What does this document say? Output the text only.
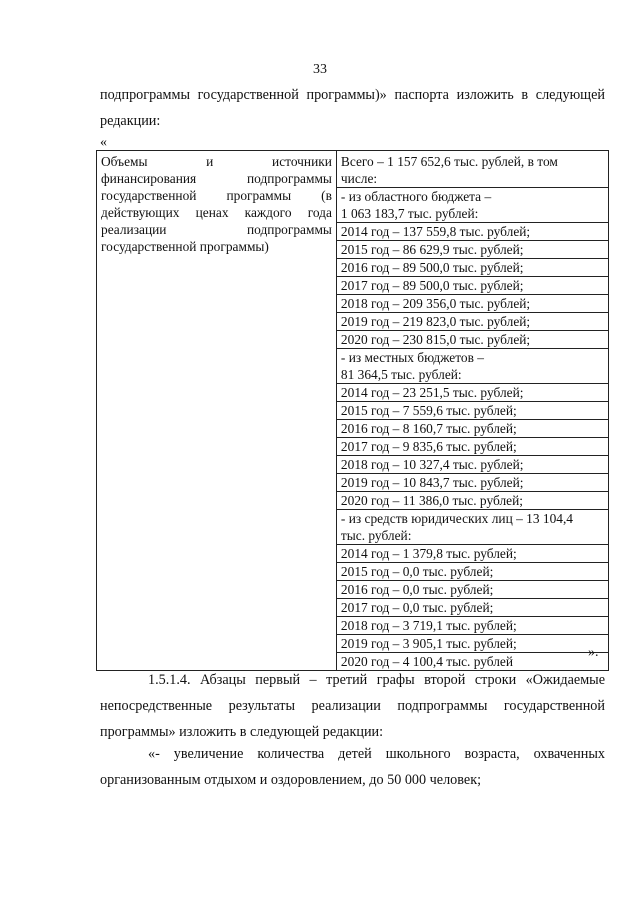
33
подпрограммы государственной программы)» паспорта изложить в следующей редакции:
«
Объемы и источники
финансирования подпрограммы
государственной программы (в
действующих ценах каждого года
реализации подпрограммы
государственной программы)

Всего – 1 157 652,6 тыс. рублей, в том
числе:
- из областного бюджета –
1 063 183,7 тыс. рублей:
2014 год – 137 559,8 тыс. рублей;
2015 год – 86 629,9 тыс. рублей;
2016 год – 89 500,0 тыс. рублей;
2017 год – 89 500,0 тыс. рублей;
2018 год – 209 356,0 тыс. рублей;
2019 год – 219 823,0 тыс. рублей;
2020 год – 230 815,0 тыс. рублей;
- из местных бюджетов –
81 364,5 тыс. рублей:
2014 год – 23 251,5 тыс. рублей;
2015 год – 7 559,6 тыс. рублей;
2016 год – 8 160,7 тыс. рублей;
2017 год – 9 835,6 тыс. рублей;
2018 год – 10 327,4 тыс. рублей;
2019 год – 10 843,7 тыс. рублей;
2020 год – 11 386,0 тыс. рублей;
- из средств юридических лиц – 13 104,4
тыс. рублей:
2014 год – 1 379,8 тыс. рублей;
2015 год – 0,0 тыс. рублей;
2016 год – 0,0 тыс. рублей;
2017 год – 0,0 тыс. рублей;
2018 год – 3 719,1 тыс. рублей;
2019 год – 3 905,1 тыс. рублей;
2020 год – 4 100,4 тыс. рублей
».
1.5.1.4. Абзацы первый – третий графы второй строки «Ожидаемые непосредственные результаты реализации подпрограммы государственной программы» изложить в следующей редакции:
«- увеличение количества детей школьного возраста, охваченных организованным отдыхом и оздоровлением, до 50 000 человек;
